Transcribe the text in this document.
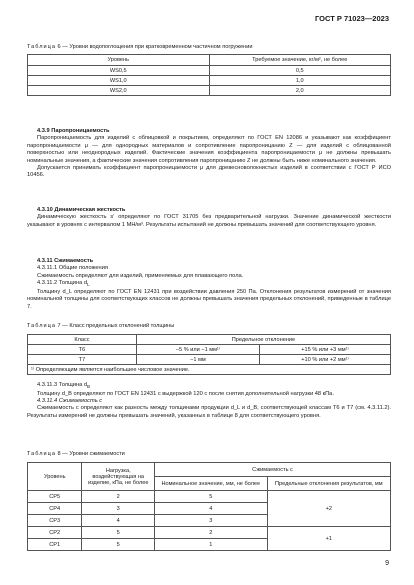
ГОСТ Р 71023—2023
Таблица 6 — Уровни водопоглощения при кратковременном частичном погружении
Уровень	Требуемое значение, кг/м², не более
WS0,5	0,5
WS1,0	1,0
WS2,0	2,0

4.3.9 Паропроницаемость

Паропроницаемость для изделий с облицовкой и покрытием, определяют по ГОСТ EN 12086 и указывают как коэффициент паропроницаемости μ — для однородных материалов и сопротивление паропроницанию Z — для изделий с облицованной поверхностью или неоднородных изделий. Фактические значения коэффициента паропроницаемости μ не должны превышать номинальные значения, а фактические значения сопротивления паропроницанию Z не должны быть ниже номинального значения.

Допускается принимать коэффициент паропроницаемости μ для древесноволокнистых изделий в соответствии с ГОСТ Р ИСО 10456.

4.3.10 Динамическая жесткость

Динамическую жесткость s' определяют по ГОСТ 31705 без предварительной нагрузки. Значение динамической жесткости указывают в уровнях с интервалом 1 МН/м³. Результаты испытаний не должны превышать значений для соответствующего уровня.

4.3.11 Сжимаемость

4.3.11.1 Общие положения

Сжимаемость определяют для изделий, применяемых для плавающего пола.

4.3.11.2 Толщина $d_L$

Толщину d_L определяют по ГОСТ EN 12431 при воздействии давления 250 Па. Отклонения результатов измерений от значения номинальной толщины для соответствующих классов не должны превышать значения предельных отклонений, приведенные в таблице 7.

Таблица 7 — Класс предельных отклонений толщины
Класс	Предельное отклонение	
T6	−5 % или −1 мм¹⁾	+15 % или +3 мм¹⁾
T7	−1 мм	+10 % или +2 мм¹⁾
¹⁾ Определяющим является наибольшее числовое значение.		

4.3.11.3 Толщина $d_B$

Толщину d_B определяют по ГОСТ EN 12431 с выдержкой 120 с после снятия дополнительной нагрузки 48 кПа.

4.3.11.4 Сжимаемость c

Сжимаемость c определяют как разность между толщинами продукции d_L и d_B, соответствующей классам T6 и T7 (см. 4.3.11.2). Результаты измерений не должны превышать значений, указанных в таблице 8 для соответствующего уровня.

Таблица 8 — Уровни сжимаемости
Уровень	Нагрузка, воздействующая на изделие, кПа, не более	Сжимаемость c	
		Номинальное значение, мм, не более	Предельные отклонения результатов, мм
CP5	2	5	+2
CP4	3	4	
CP3	4	3	
CP2	5	2	+1
CP1	5	1	
9
